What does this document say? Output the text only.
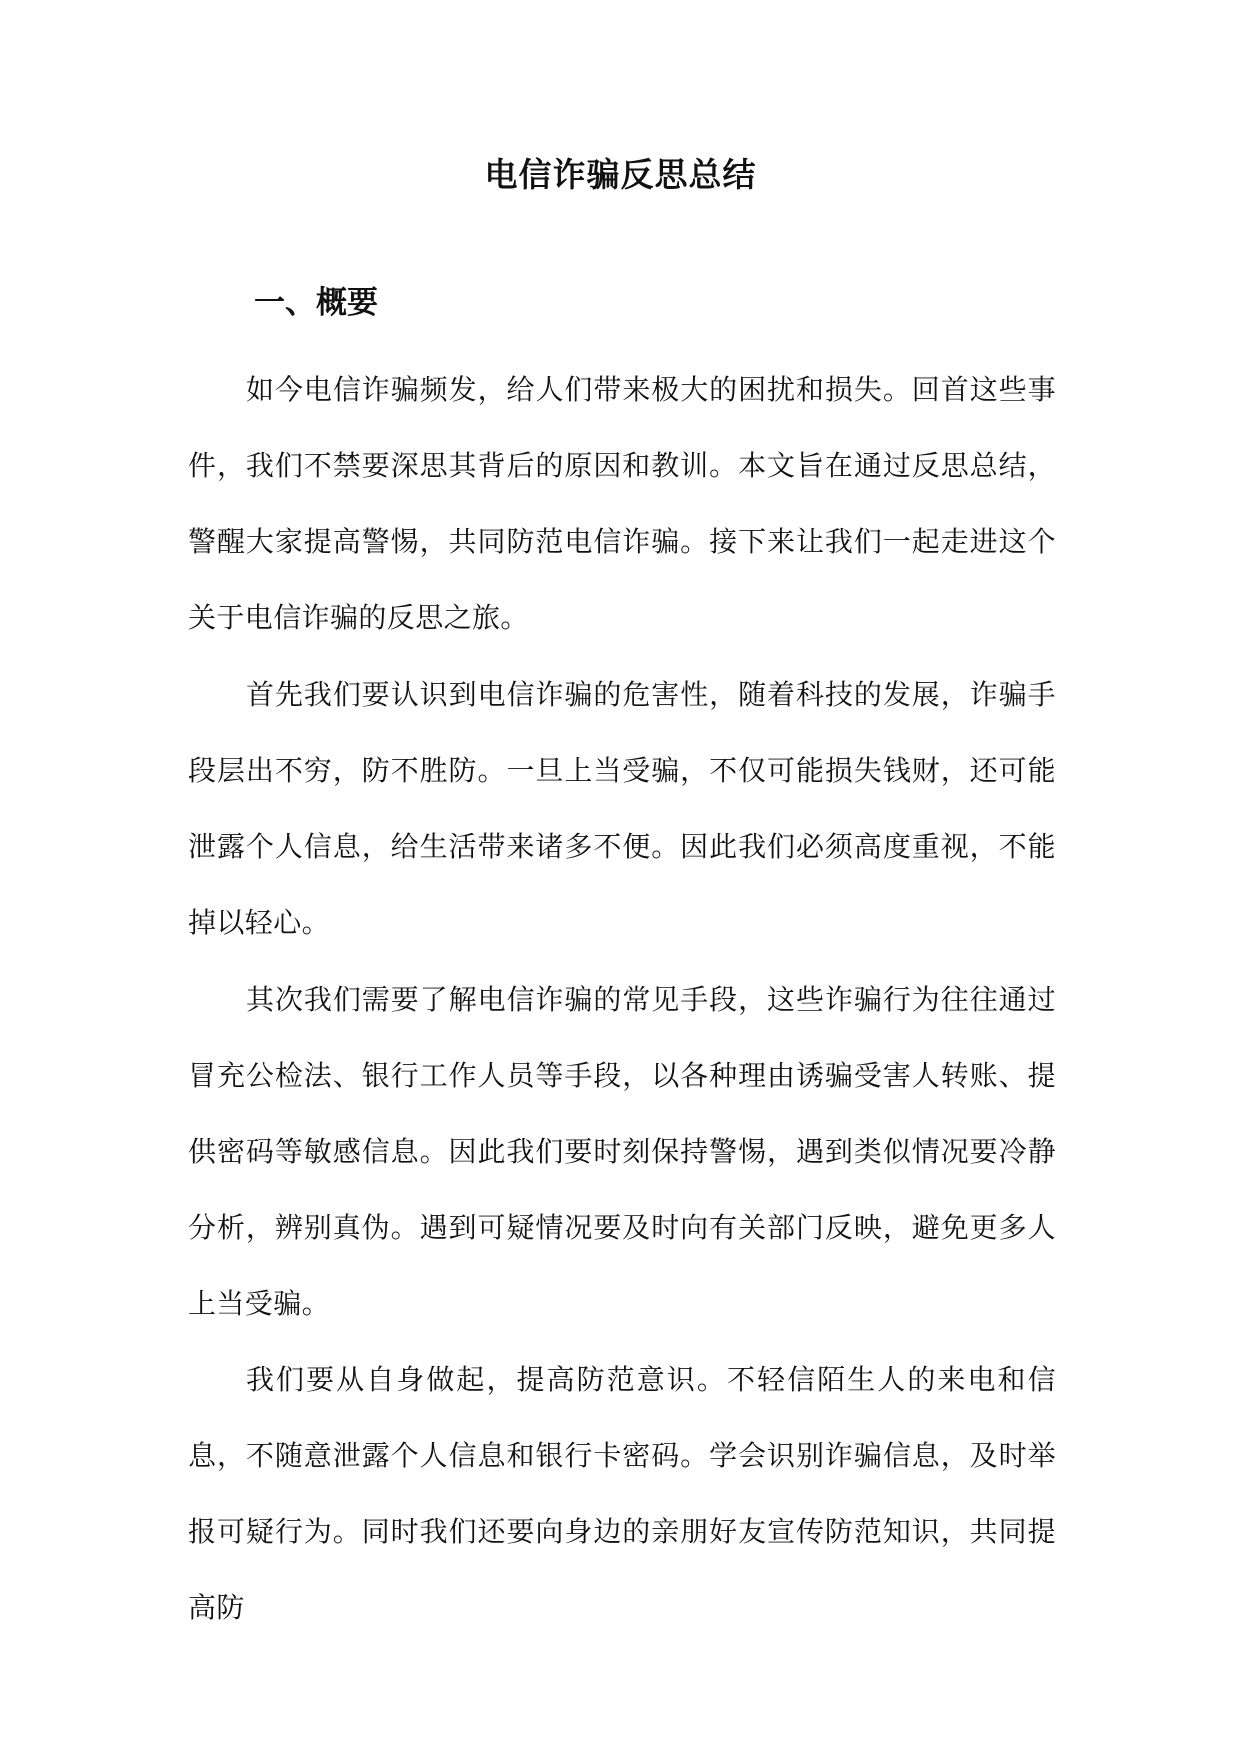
电信诈骗反思总结
一、概要

如今电信诈骗频发，给人们带来极大的困扰和损失。回首这些事件，我们不禁要深思其背后的原因和教训。本文旨在通过反思总结，警醒大家提高警惕，共同防范电信诈骗。接下来让我们一起走进这个关于电信诈骗的反思之旅。

首先我们要认识到电信诈骗的危害性，随着科技的发展，诈骗手段层出不穷，防不胜防。一旦上当受骗，不仅可能损失钱财，还可能泄露个人信息，给生活带来诸多不便。因此我们必须高度重视，不能掉以轻心。

其次我们需要了解电信诈骗的常见手段，这些诈骗行为往往通过冒充公检法、银行工作人员等手段，以各种理由诱骗受害人转账、提供密码等敏感信息。因此我们要时刻保持警惕，遇到类似情况要冷静分析，辨别真伪。遇到可疑情况要及时向有关部门反映，避免更多人上当受骗。

我们要从自身做起，提高防范意识。不轻信陌生人的来电和信息，不随意泄露个人信息和银行卡密码。学会识别诈骗信息，及时举报可疑行为。同时我们还要向身边的亲朋好友宣传防范知识，共同提高防
